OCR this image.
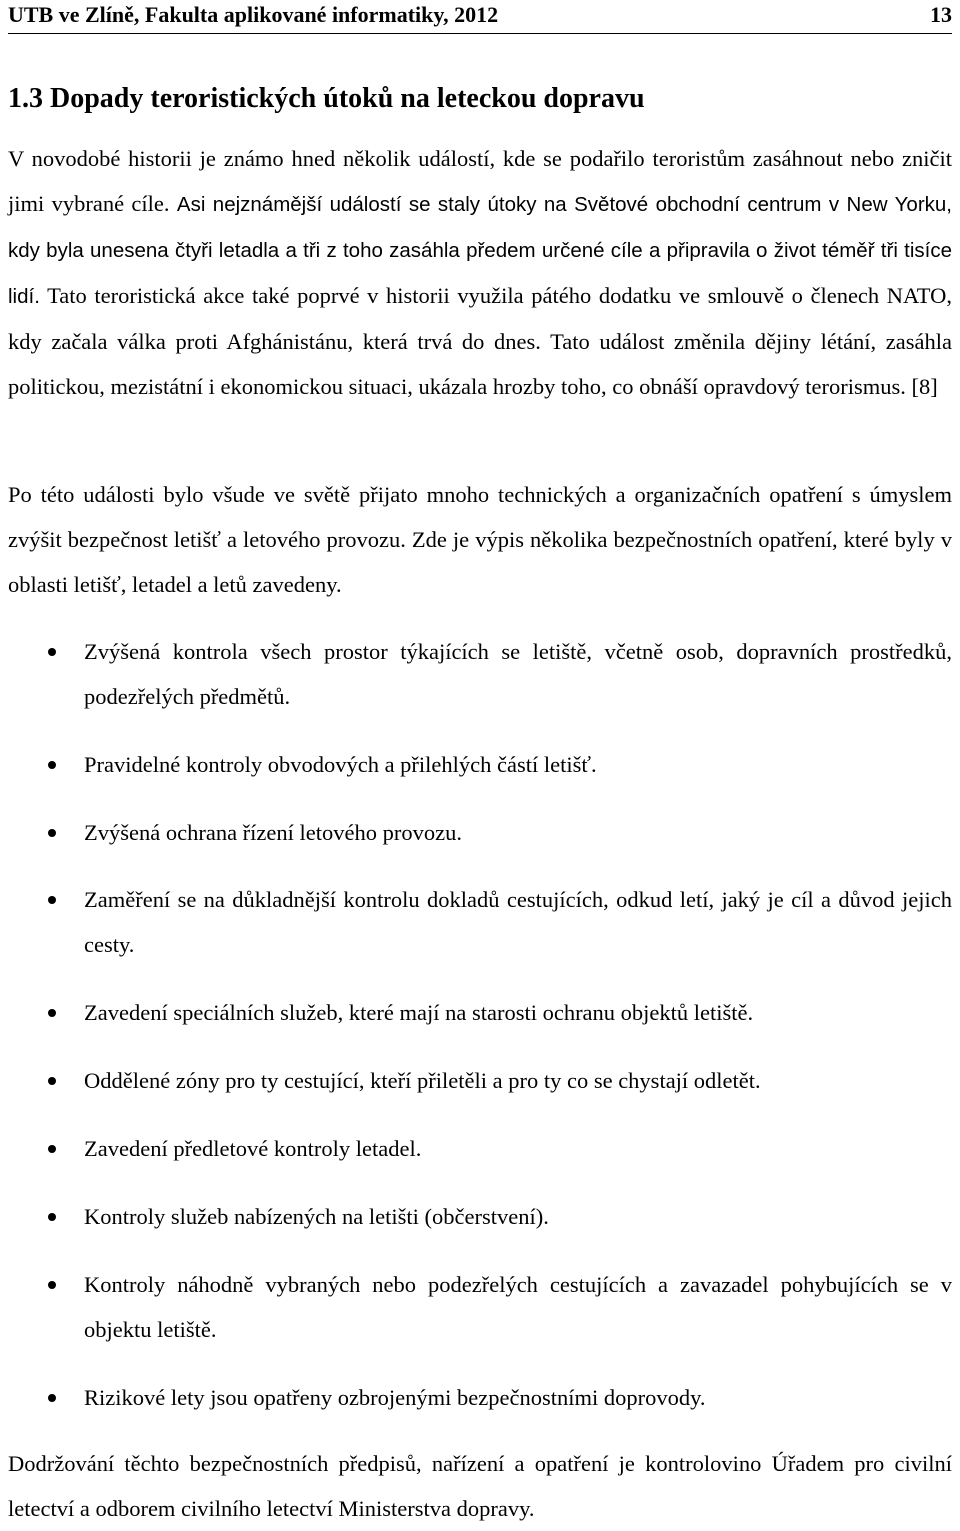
UTB ve Zlíně, Fakulta aplikované informatiky, 2012	13
1.3 Dopady teroristických útoků na leteckou dopravu

V novodobé historii je známo hned několik událostí, kde se podařilo teroristům zasáhnout nebo zničit jimi vybrané cíle. Asi nejznámější událostí se staly útoky na Světové obchodní centrum v New Yorku, kdy byla unesena čtyři letadla a tři z toho zasáhla předem určené cíle a připravila o život téměř tři tisíce lidí. Tato teroristická akce také poprvé v historii využila pátého dodatku ve smlouvě o členech NATO, kdy začala válka proti Afghánistánu, která trvá do dnes. Tato událost změnila dějiny létání, zasáhla politickou, mezistátní i ekonomickou situaci, ukázala hrozby toho, co obnáší opravdový terorismus. [8]

Po této události bylo všude ve světě přijato mnoho technických a organizačních opatření s úmyslem zvýšit bezpečnost letišť a letového provozu. Zde je výpis několika bezpečnostních opatření, které byly v oblasti letišť, letadel a letů zavedeny.

Zvýšená kontrola všech prostor týkajících se letiště, včetně osob, dopravních prostředků, podezřelých předmětů.
Pravidelné kontroly obvodových a přilehlých částí letišť.
Zvýšená ochrana řízení letového provozu.
Zaměření se na důkladnější kontrolu dokladů cestujících, odkud letí, jaký je cíl a důvod jejich cesty.
Zavedení speciálních služeb, které mají na starosti ochranu objektů letiště.
Oddělené zóny pro ty cestující, kteří přiletěli a pro ty co se chystají odletět.
Zavedení předletové kontroly letadel.
Kontroly služeb nabízených na letišti (občerstvení).
Kontroly náhodně vybraných nebo podezřelých cestujících a zavazadel pohybujících se v objektu letiště.
Rizikové lety jsou opatřeny ozbrojenými bezpečnostními doprovody.

Dodržování těchto bezpečnostních předpisů, nařízení a opatření je kontrolovino Úřadem pro civilní letectví a odborem civilního letectví Ministerstva dopravy.
